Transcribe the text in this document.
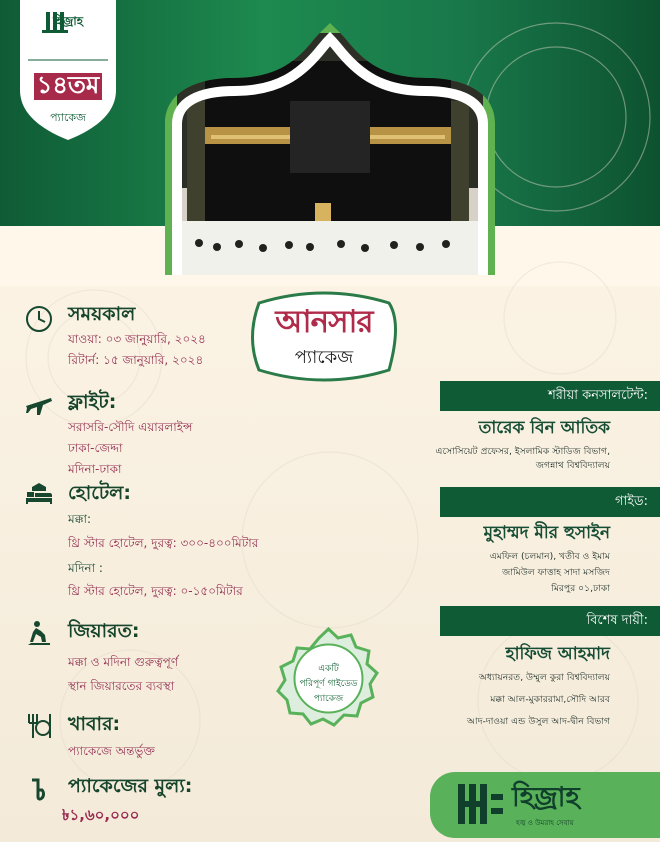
হিজ্রাহ
১৪তম
প্যাকেজ
আনসার
প্যাকেজ
সময়কাল
যাওয়া: ০৩ জানুয়ারি, ২০২৪
রিটার্ন: ১৫ জানুয়ারি, ২০২৪
ফ্লাইট:
সরাসরি-সৌদি এয়ারলাইন্স
ঢাকা-জেদ্দা
মদিনা-ঢাকা
হোটেল:
মক্কা:
থ্রি স্টার হোটেল, দুরত্ব: ৩০০-৪০০মিটার
মদিনা :
থ্রি স্টার হোটেল, দুরত্ব: ০-১৫০মিটার
জিয়ারত:
মক্কা ও মদিনা গুরুত্বপূর্ণ
স্থান জিয়ারতের ব্যবস্থা
খাবার:
প্যাকেজে অন্তর্ভুক্ত
প্যাকেজের মুল্য:
৳১,৬০,০০০
শরীয়া কনসালটেন্ট:
তারেক বিন আতিক
এসোসিয়েট প্রফেসর, ইসলামিক স্টাডিজ বিভাগ,
জগন্নাথ বিশ্ববিদ্যালয়
গাইড:
মুহাম্মদ মীর হুসাইন
এমফিল (চলমান), খতীব ও ইমাম
জামিউল ফাত্তাহ সাদা মসজিদ
মিরপুর ০১,ঢাকা
বিশেষ দায়ী:
হাফিজ আহমাদ
অধ্যায়নরত, উম্মুল কুরা বিশ্ববিদ্যালয়
মক্কা আল-মুকাররামা,সৌদি আরব
আদ-দাওয়া এন্ড উসুল আদ-দ্বীন বিভাগ
একটি
পরিপূর্ণ গাইডেড
প্যাকেজ
হিজ্রাহ
হজ্ব ও উমরাহ সেবায়
